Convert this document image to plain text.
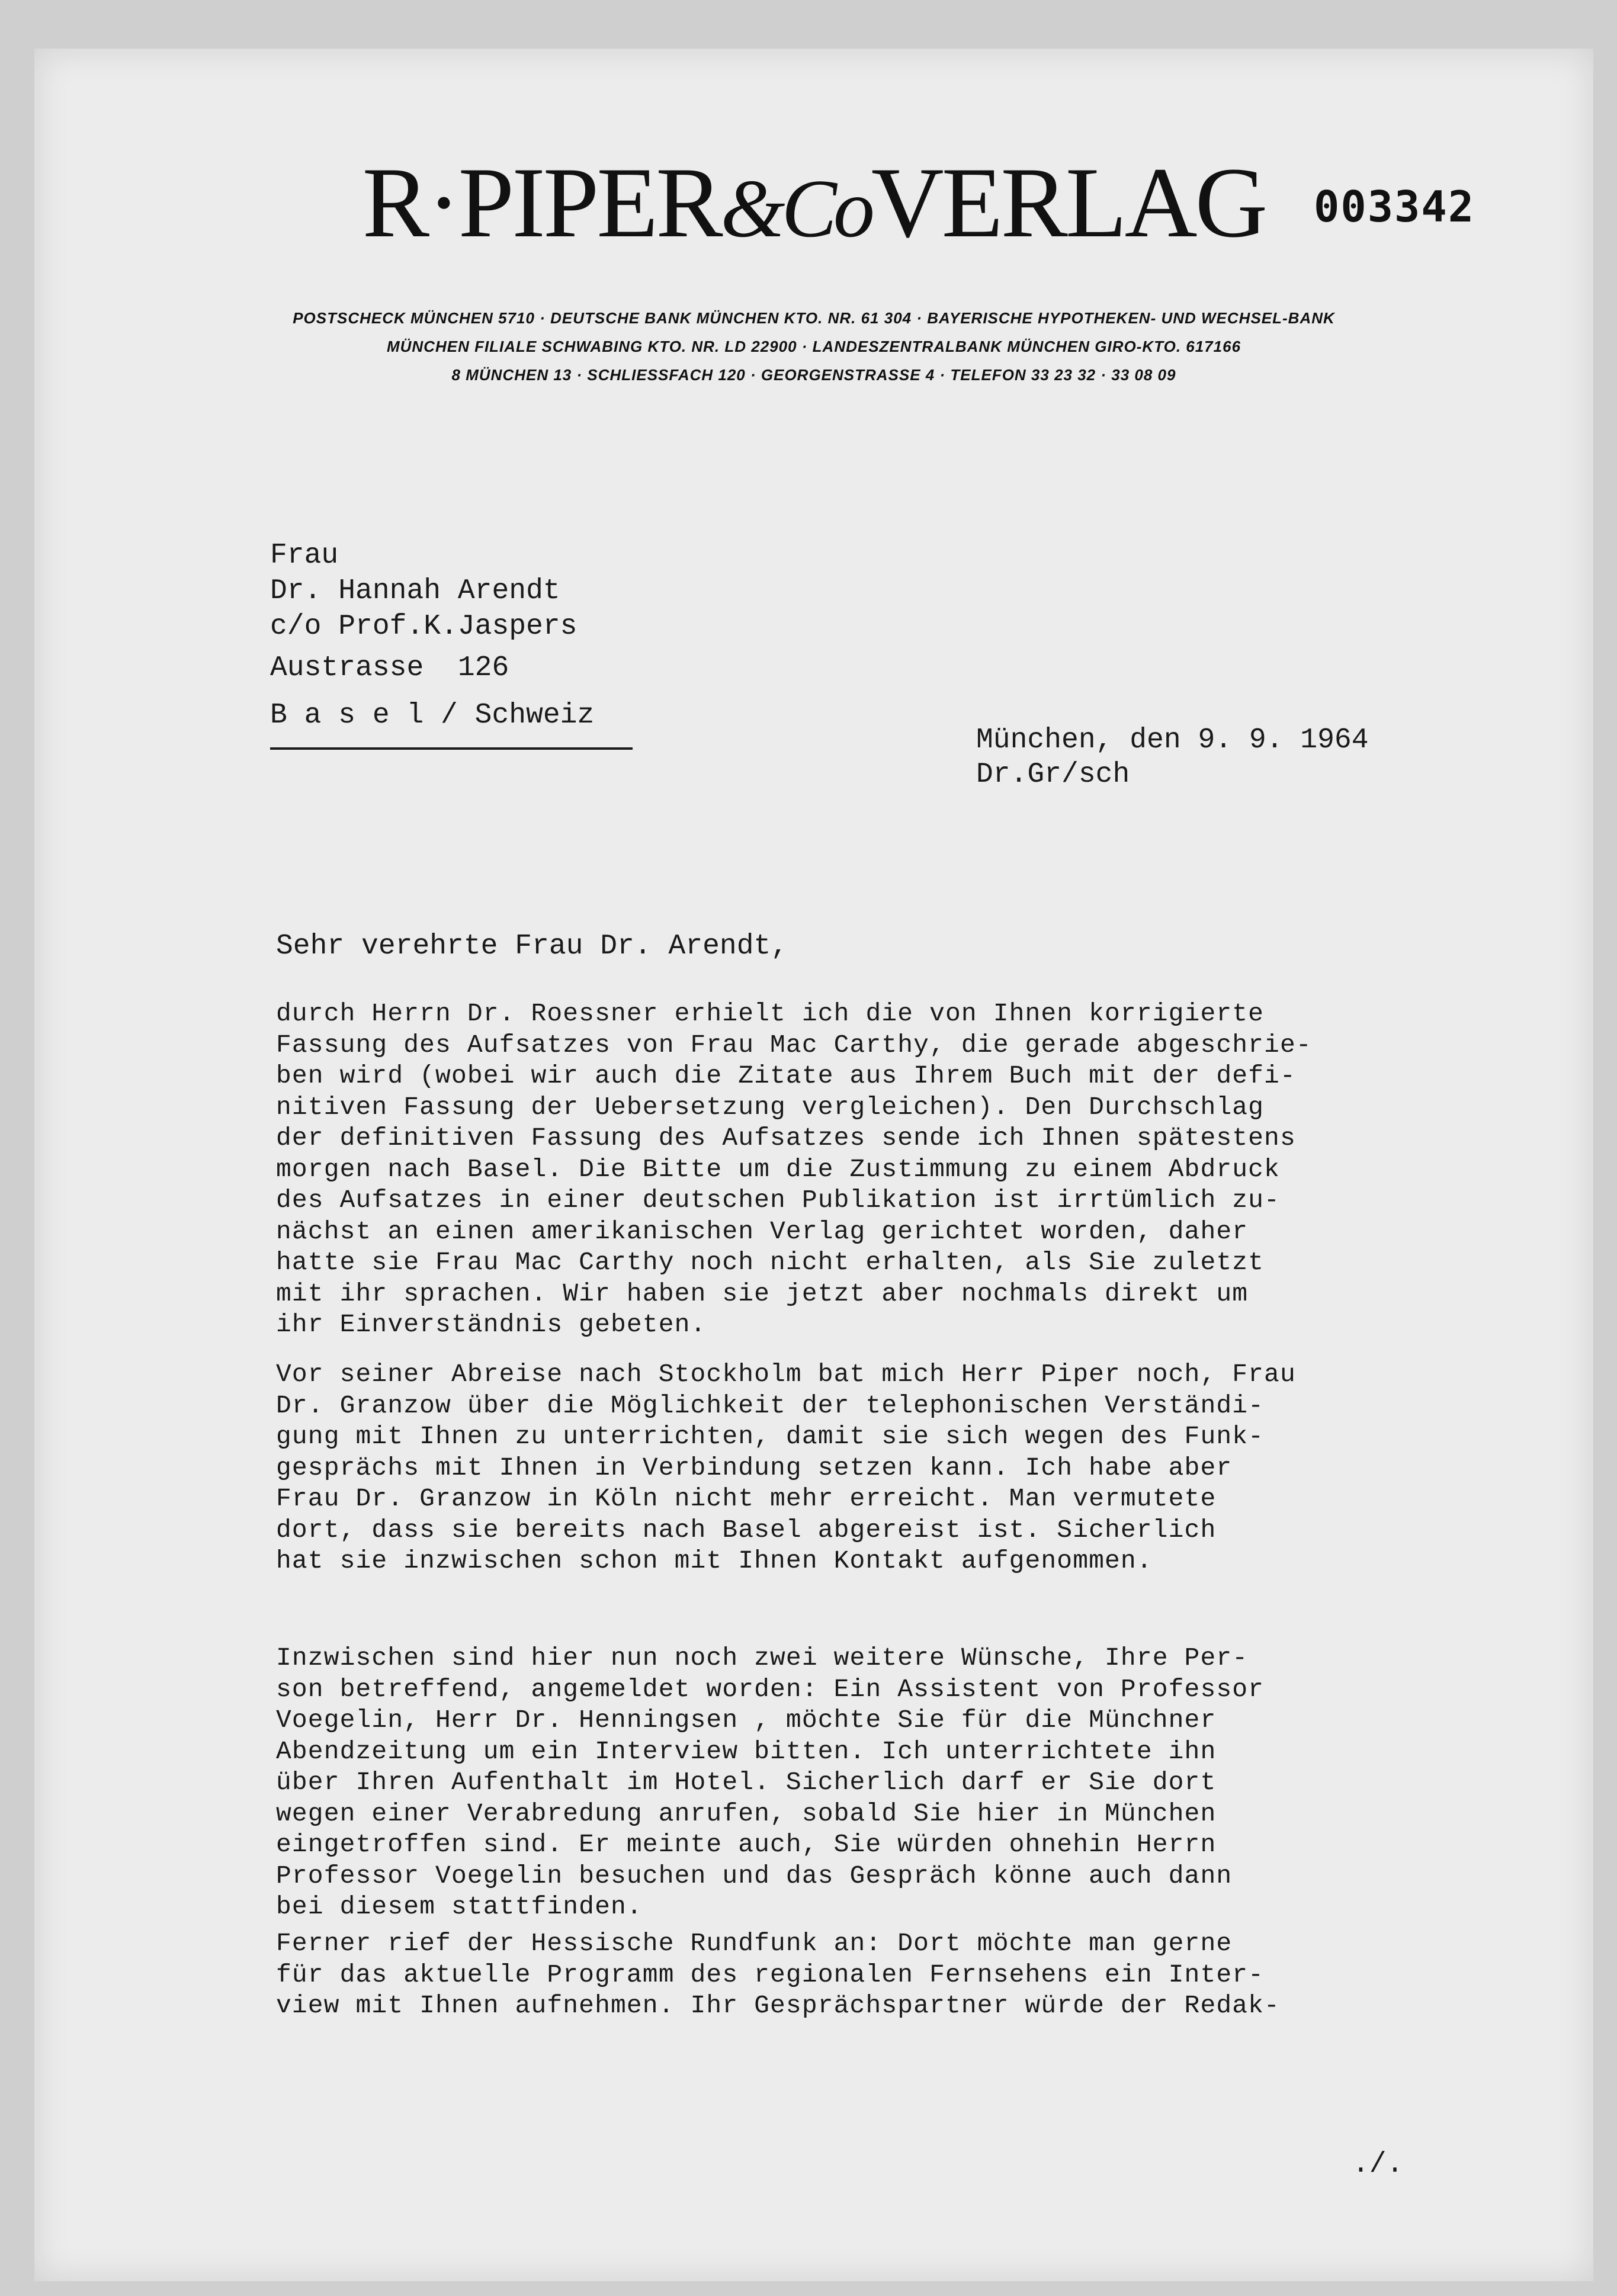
R·PIPER&CoVERLAG	003342
POSTSCHECK MÜNCHEN 5710 · DEUTSCHE BANK MÜNCHEN KTO. NR. 61 304 · BAYERISCHE HYPOTHEKEN- UND WECHSEL-BANK
MÜNCHEN FILIALE SCHWABING KTO. NR. LD 22900 · LANDESZENTRALBANK MÜNCHEN GIRO-KTO. 617166
8 MÜNCHEN 13 · SCHLIESSFACH 120 · GEORGENSTRASSE 4 · TELEFON 33 23 32 · 33 08 09
Frau
Dr. Hannah Arendt
c/o Prof.K.Jaspers
Austrasse  126
B a s e l / Schweiz
München, den 9. 9. 1964
Dr.Gr/sch
Sehr verehrte Frau Dr. Arendt,
durch Herrn Dr. Roessner erhielt ich die von Ihnen korrigierte
Fassung des Aufsatzes von Frau Mac Carthy, die gerade abgeschrie-
ben wird (wobei wir auch die Zitate aus Ihrem Buch mit der defi-
nitiven Fassung der Uebersetzung vergleichen). Den Durchschlag
der definitiven Fassung des Aufsatzes sende ich Ihnen spätestens
morgen nach Basel. Die Bitte um die Zustimmung zu einem Abdruck
des Aufsatzes in einer deutschen Publikation ist irrtümlich zu-
nächst an einen amerikanischen Verlag gerichtet worden, daher
hatte sie Frau Mac Carthy noch nicht erhalten, als Sie zuletzt
mit ihr sprachen. Wir haben sie jetzt aber nochmals direkt um
ihr Einverständnis gebeten.
Vor seiner Abreise nach Stockholm bat mich Herr Piper noch, Frau
Dr. Granzow über die Möglichkeit der telephonischen Verständi-
gung mit Ihnen zu unterrichten, damit sie sich wegen des Funk-
gesprächs mit Ihnen in Verbindung setzen kann. Ich habe aber
Frau Dr. Granzow in Köln nicht mehr erreicht. Man vermutete
dort, dass sie bereits nach Basel abgereist ist. Sicherlich
hat sie inzwischen schon mit Ihnen Kontakt aufgenommen.
Inzwischen sind hier nun noch zwei weitere Wünsche, Ihre Per-
son betreffend, angemeldet worden: Ein Assistent von Professor
Voegelin, Herr Dr. Henningsen , möchte Sie für die Münchner
Abendzeitung um ein Interview bitten. Ich unterrichtete ihn
über Ihren Aufenthalt im Hotel. Sicherlich darf er Sie dort
wegen einer Verabredung anrufen, sobald Sie hier in München
eingetroffen sind. Er meinte auch, Sie würden ohnehin Herrn
Professor Voegelin besuchen und das Gespräch könne auch dann
bei diesem stattfinden.
Ferner rief der Hessische Rundfunk an: Dort möchte man gerne
für das aktuelle Programm des regionalen Fernsehens ein Inter-
view mit Ihnen aufnehmen. Ihr Gesprächspartner würde der Redak-
./.
